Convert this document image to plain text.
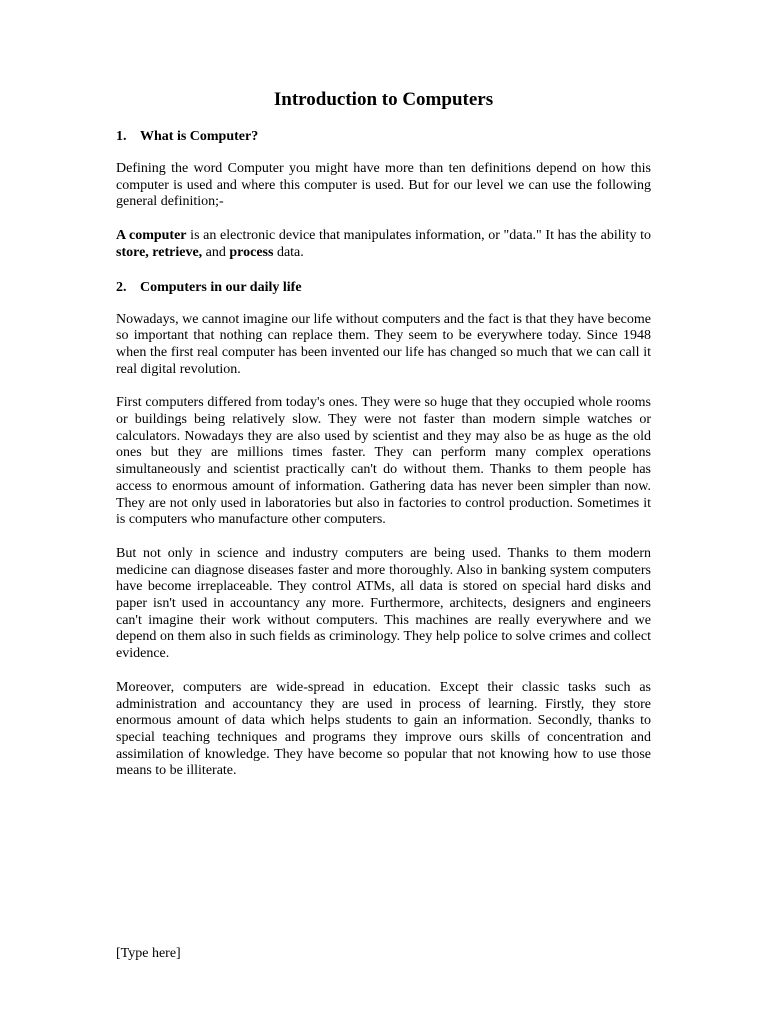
Introduction to Computers
1. What is Computer?

Defining the word Computer you might have more than ten definitions depend on how this computer is used and where this computer is used. But for our level we can use the following general definition;-

A computer is an electronic device that manipulates information, or "data." It has the ability to store, retrieve, and process data.

2. Computers in our daily life

Nowadays, we cannot imagine our life without computers and the fact is that they have become so important that nothing can replace them. They seem to be everywhere today. Since 1948 when the first real computer has been invented our life has changed so much that we can call it real digital revolution.

First computers differed from today's ones. They were so huge that they occupied whole rooms or buildings being relatively slow. They were not faster than modern simple watches or calculators. Nowadays they are also used by scientist and they may also be as huge as the old ones but they are millions times faster. They can perform many complex operations simultaneously and scientist practically can't do without them. Thanks to them people has access to enormous amount of information. Gathering data has never been simpler than now. They are not only used in laboratories but also in factories to control production. Sometimes it is computers who manufacture other computers.

But not only in science and industry computers are being used. Thanks to them modern medicine can diagnose diseases faster and more thoroughly. Also in banking system computers have become irreplaceable. They control ATMs, all data is stored on special hard disks and paper isn't used in accountancy any more. Furthermore, architects, designers and engineers can't imagine their work without computers. This machines are really everywhere and we depend on them also in such fields as criminology. They help police to solve crimes and collect evidence.

Moreover, computers are wide-spread in education. Except their classic tasks such as administration and accountancy they are used in process of learning. Firstly, they store enormous amount of data which helps students to gain an information. Secondly, thanks to special teaching techniques and programs they improve ours skills of concentration and assimilation of knowledge. They have become so popular that not knowing how to use those means to be illiterate.

[Type here]
